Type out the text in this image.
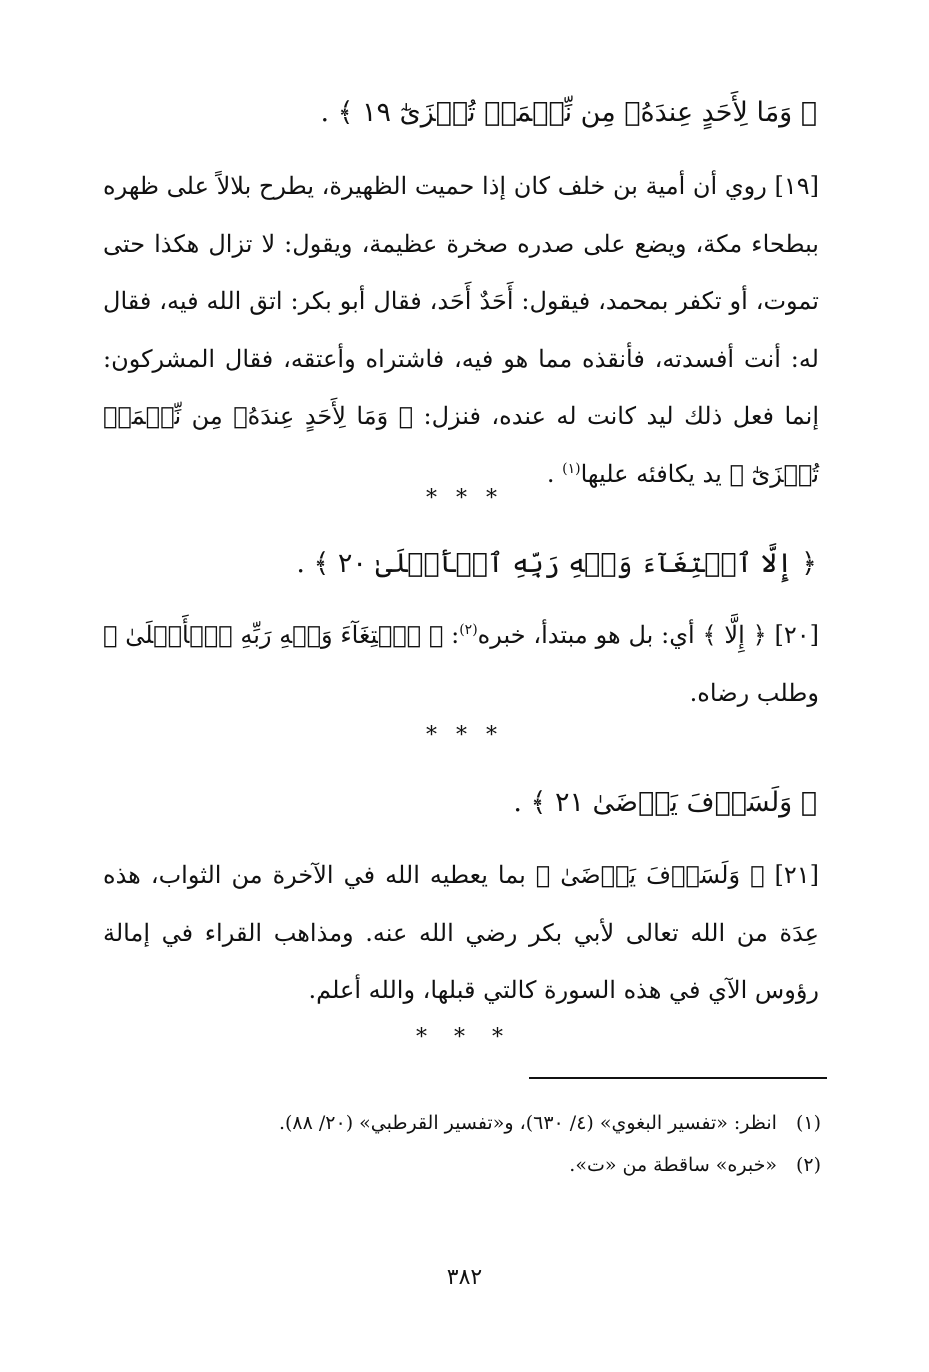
﴿ وَمَا لِأَحَدٍ عِندَهُۥ مِن نِّعۡمَةٖ تُجۡزَىٰٓ ١٩ ﴾ .

[١٩] روي أن أمية بن خلف كان إذا حميت الظهيرة، يطرح بلالاً على ظهره ببطحاء مكة، ويضع على صدره صخرة عظيمة، ويقول: لا تزال هكذا حتى تموت، أو تكفر بمحمد، فيقول: أَحَدٌ أَحَد، فقال أبو بكر: اتق الله فيه، فقال له: أنت أفسدته، فأنقذه مما هو فيه، فاشتراه وأعتقه، فقال المشركون: إنما فعل ذلك ليد كانت له عنده، فنزل: ﴿ وَمَا لِأَحَدٍ عِندَهُۥ مِن نِّعۡمَةٖ تُجۡزَىٰٓ ﴾ يد يكافئه عليها$^{(١)}$ .

* * *
﴿ إِلَّا ٱبۡتِغَآءَ وَجۡهِ رَبِّهِ ٱلۡأَعۡلَىٰ ٢٠ ﴾ .

[٢٠] ﴿ إِلَّا ﴾ أي: بل هو مبتدأ، خبره$^{(٢)}$: ﴿ ٱبۡتِغَآءَ وَجۡهِ رَبِّهِ ٱلۡأَعۡلَىٰ ﴾ وطلب رضاه.

* * *
﴿ وَلَسَوۡفَ يَرۡضَىٰ ٢١ ﴾ .

[٢١] ﴿ وَلَسَوۡفَ يَرۡضَىٰ ﴾ بما يعطيه الله في الآخرة من الثواب، هذه عِدَة من الله تعالى لأبي بكر رضي الله عنه. ومذاهب القراء في إمالة رؤوس الآي في هذه السورة كالتي قبلها، والله أعلم.

* * *
(١) انظر: «تفسير البغوي» (٤/ ٦٣٠)، و«تفسير القرطبي» (٢٠/ ٨٨).
(٢) «خبره» ساقطة من «ت».
٣٨٢
